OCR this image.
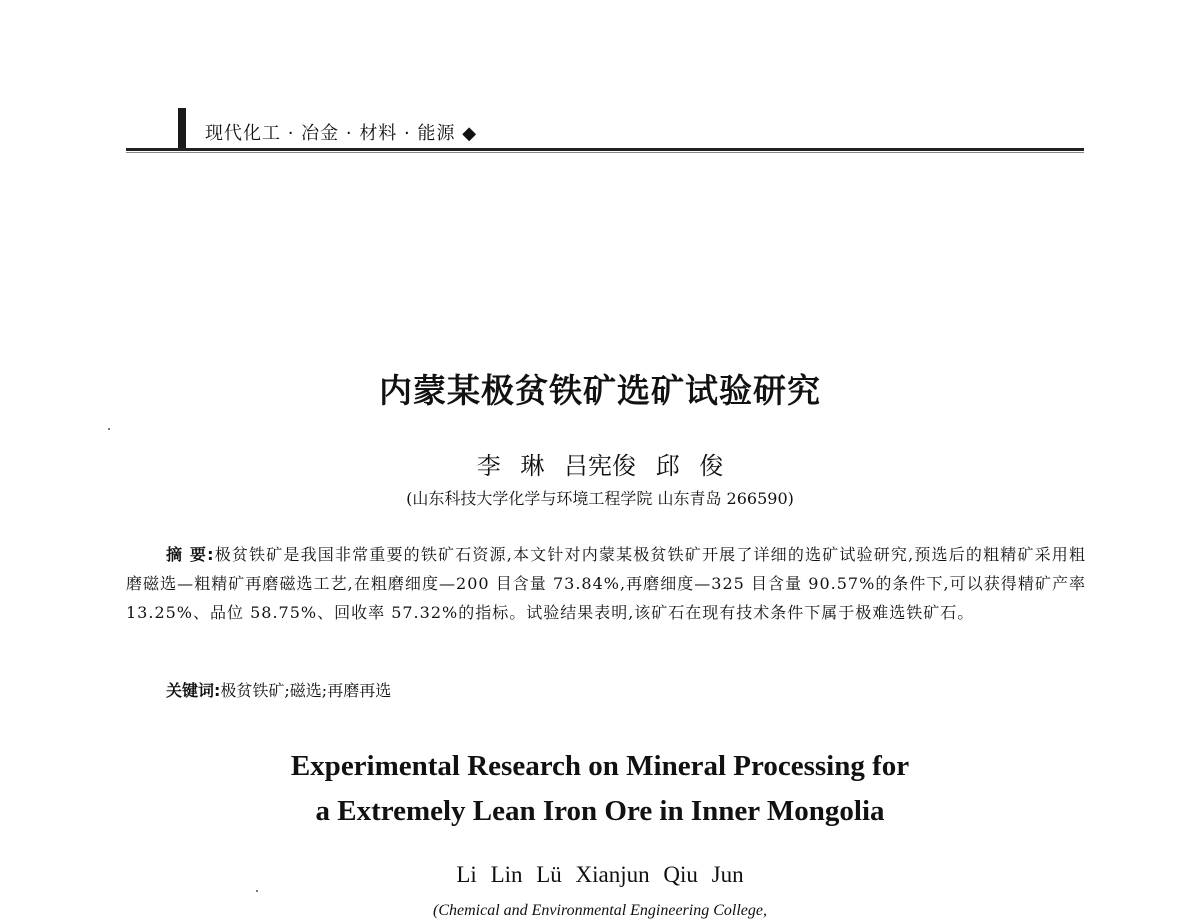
现代化工 · 冶金 · 材料 · 能源 ◆
内蒙某极贫铁矿选矿试验研究
李 琳 吕宪俊 邱 俊
(山东科技大学化学与环境工程学院 山东青岛 266590)
摘 要:极贫铁矿是我国非常重要的铁矿石资源,本文针对内蒙某极贫铁矿开展了详细的选矿试验研究,预选后的粗精矿采用粗磨磁选—粗精矿再磨磁选工艺,在粗磨细度—200 目含量 73.84%,再磨细度—325 目含量 90.57%的条件下,可以获得精矿产率 13.25%、品位 58.75%、回收率 57.32%的指标。试验结果表明,该矿石在现有技术条件下属于极难选铁矿石。
关键词:极贫铁矿;磁选;再磨再选
Experimental Research on Mineral Processing for
a Extremely Lean Iron Ore in Inner Mongolia
Li Lin Lü Xianjun Qiu Jun
(Chemical and Environmental Engineering College,
